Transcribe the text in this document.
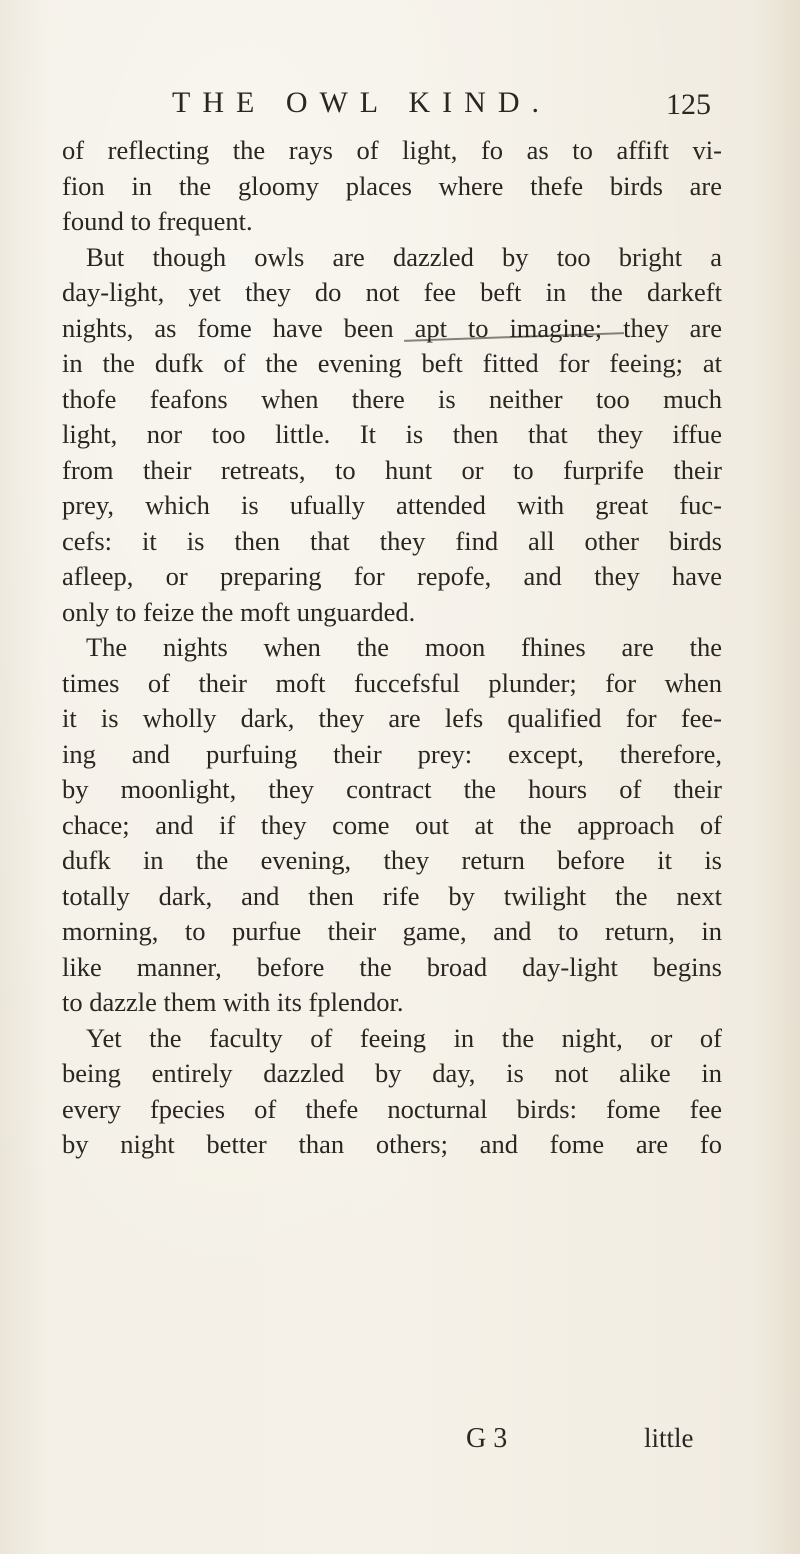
THE OWL KIND.	125
of reflecting the rays of light, fo as to affift vi-
fion in the gloomy places where thefe birds are
found to frequent.
But though owls are dazzled by too bright a
day-light, yet they do not fee beft in the darkeft
nights, as fome have been apt to imagine; they are
in the dufk of the evening beft fitted for feeing; at
thofe feafons when there is neither too much
light, nor too little. It is then that they iffue
from their retreats, to hunt or to furprife their
prey, which is ufually attended with great fuc-
cefs: it is then that they find all other birds
afleep, or preparing for repofe, and they have
only to feize the moft unguarded.
The nights when the moon fhines are the
times of their moft fuccefsful plunder; for when
it is wholly dark, they are lefs qualified for fee-
ing and purfuing their prey: except, therefore,
by moonlight, they contract the hours of their
chace; and if they come out at the approach of
dufk in the evening, they return before it is
totally dark, and then rife by twilight the next
morning, to purfue their game, and to return, in
like manner, before the broad day-light begins
to dazzle them with its fplendor.
Yet the faculty of feeing in the night, or of
being entirely dazzled by day, is not alike in
every fpecies of thefe nocturnal birds: fome fee
by night better than others; and fome are fo
G 3	little
